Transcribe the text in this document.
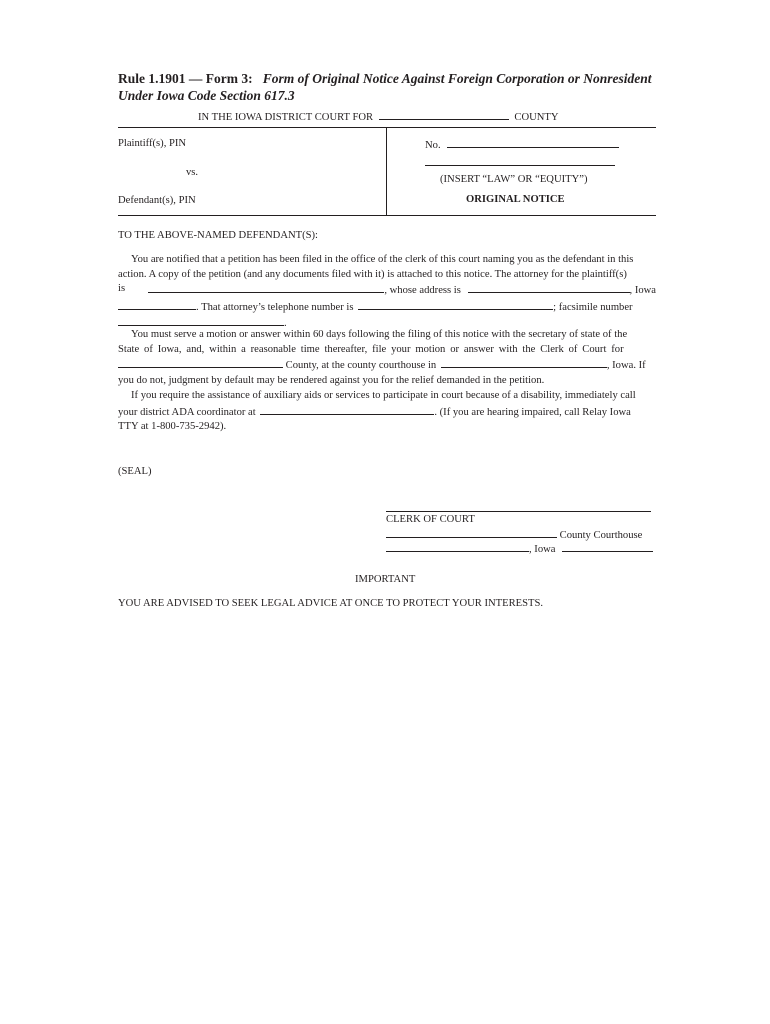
Rule 1.1901 — Form 3: Form of Original Notice Against Foreign Corporation or Nonresident
Under Iowa Code Section 617.3
IN THE IOWA DISTRICT COURT FOR	COUNTY
Plaintiff(s), PIN
vs.
Defendant(s), PIN
No.
(INSERT “LAW” OR “EQUITY”)
ORIGINAL NOTICE
TO THE ABOVE-NAMED DEFENDANT(S):
You are notified that a petition has been filed in the office of the clerk of this court naming you as the defendant in this
action. A copy of the petition (and any documents filed with it) is attached to this notice. The attorney for the plaintiff(s)
is	, whose address is	, Iowa
. That attorney’s telephone number is	; facsimile number
.
You must serve a motion or answer within 60 days following the filing of this notice with the secretary of state of the
State of Iowa, and, within a reasonable time thereafter, file your motion or answer with the Clerk of Court for
County, at the county courthouse in	, Iowa. If
you do not, judgment by default may be rendered against you for the relief demanded in the petition.
If you require the assistance of auxiliary aids or services to participate in court because of a disability, immediately call
your district ADA coordinator at	. (If you are hearing impaired, call Relay Iowa
TTY at 1-800-735-2942).
(SEAL)
CLERK OF COURT
County Courthouse
, Iowa
IMPORTANT
YOU ARE ADVISED TO SEEK LEGAL ADVICE AT ONCE TO PROTECT YOUR INTERESTS.
